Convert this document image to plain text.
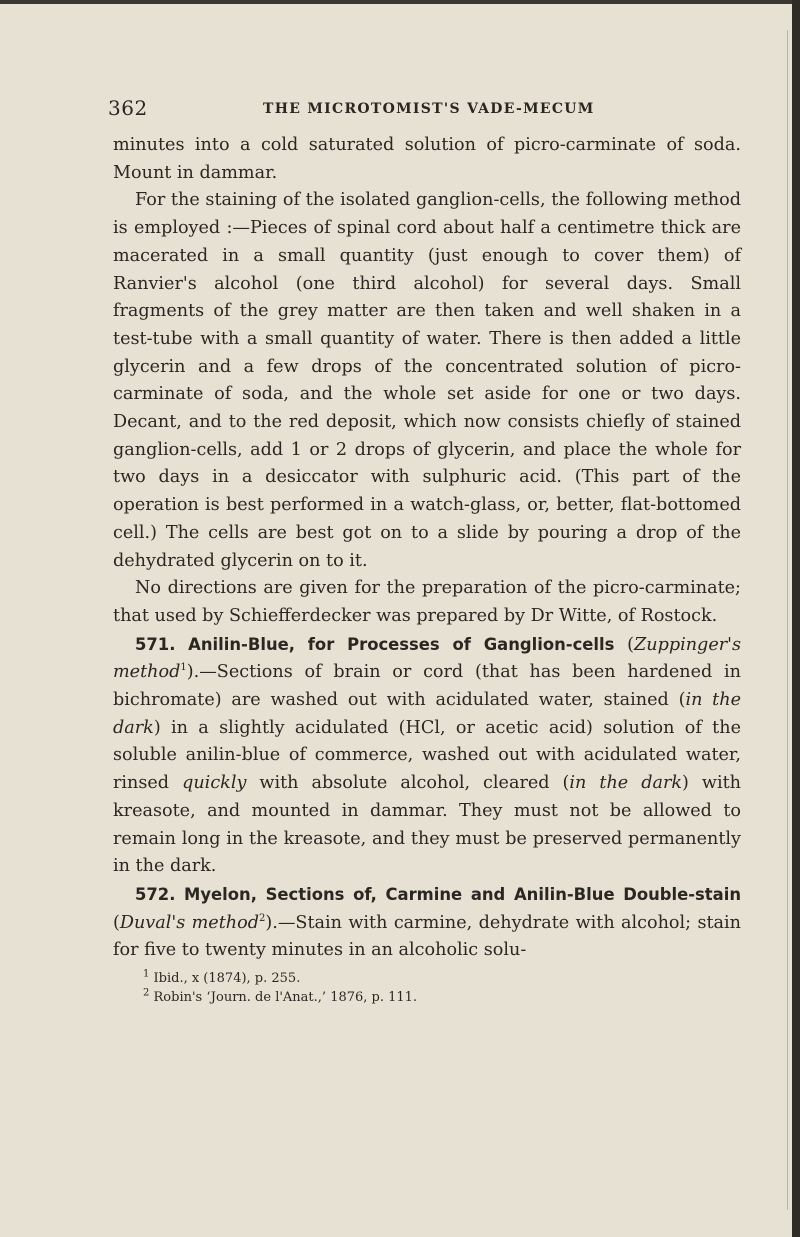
362	THE MICROTOMIST'S VADE-MECUM

minutes into a cold saturated solution of picro-carminate of soda. Mount in dammar.

For the staining of the isolated ganglion-cells, the following method is employed :—Pieces of spinal cord about half a centimetre thick are macerated in a small quantity (just enough to cover them) of Ranvier's alcohol (one third alcohol) for several days. Small fragments of the grey matter are then taken and well shaken in a test-tube with a small quantity of water. There is then added a little glycerin and a few drops of the concentrated solution of picro-carminate of soda, and the whole set aside for one or two days. Decant, and to the red deposit, which now consists chiefly of stained ganglion-cells, add 1 or 2 drops of glycerin, and place the whole for two days in a desiccator with sulphuric acid. (This part of the operation is best performed in a watch-glass, or, better, flat-bottomed cell.) The cells are best got on to a slide by pouring a drop of the dehydrated glycerin on to it.

No directions are given for the preparation of the picro-carminate; that used by Schiefferdecker was prepared by Dr Witte, of Rostock.

571. Anilin-Blue, for Processes of Ganglion-cells (Zuppinger's method$^1$).—Sections of brain or cord (that has been hardened in bichromate) are washed out with acidulated water, stained (in the dark) in a slightly acidulated (HCl, or acetic acid) solution of the soluble anilin-blue of commerce, washed out with acidulated water, rinsed quickly with absolute alcohol, cleared (in the dark) with kreasote, and mounted in dammar. They must not be allowed to remain long in the kreasote, and they must be preserved permanently in the dark.

572. Myelon, Sections of, Carmine and Anilin-Blue Double-stain (Duval's method$^2$).—Stain with carmine, dehydrate with alcohol; stain for five to twenty minutes in an alcoholic solu-

$^1$ Ibid., x (1874), p. 255.
$^2$ Robin's ‘Journ. de l'Anat.,’ 1876, p. 111.
